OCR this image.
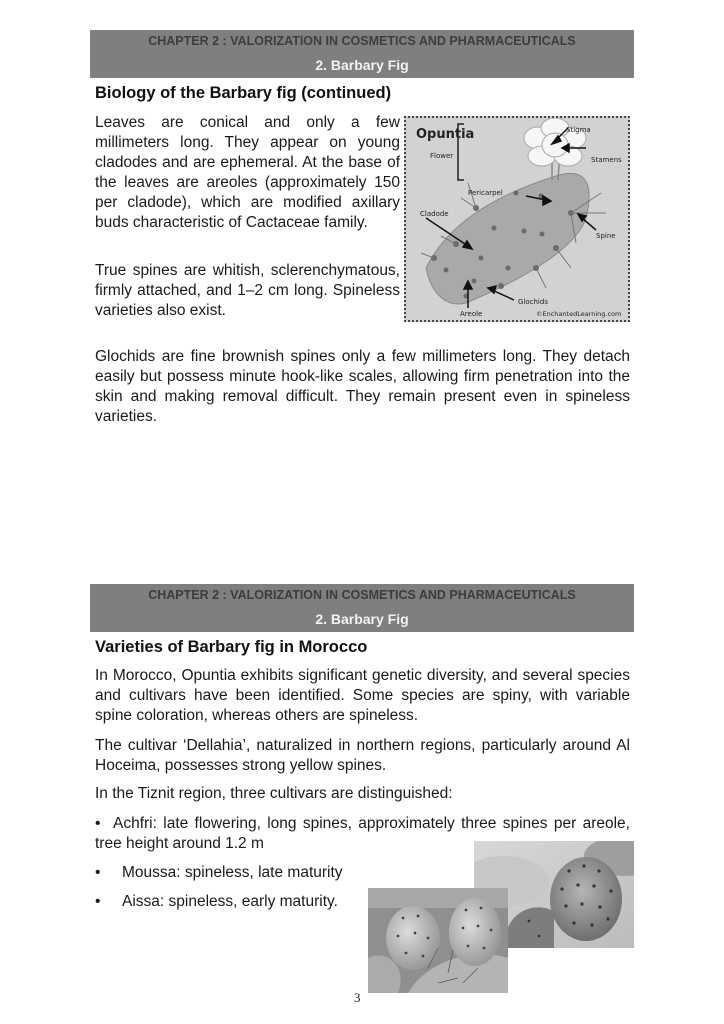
CHAPTER 2 : VALORIZATION IN COSMETICS AND PHARMACEUTICALS
2. Barbary Fig
Biology of the Barbary fig (continued)
Leaves are conical and only a few millimeters long. They appear on young cladodes and are ephemeral. At the base of the leaves are areoles (approximately 150 per cladode), which are modified axillary buds characteristic of Cactaceae family.
True spines are whitish, sclerenchymatous, firmly attached, and 1–2 cm long. Spineless varieties also exist.
Glochids are fine brownish spines only a few millimeters long. They detach easily but possess minute hook-like scales, allowing firm penetration into the skin and making removal difficult. They remain present even in spineless varieties.
Opuntia	Stigma
Flower	Stamens
Pericarpel
Cladode
Spine
Glochids
Areole	©EnchantedLearning.com
CHAPTER 2 : VALORIZATION IN COSMETICS AND PHARMACEUTICALS
2. Barbary Fig
Varieties of Barbary fig in Morocco
In Morocco, Opuntia exhibits significant genetic diversity, and several species and cultivars have been identified. Some species are spiny, with variable spine coloration, whereas others are spineless.
The cultivar ‘Dellahia’, naturalized in northern regions, particularly around Al Hoceima, possesses strong yellow spines.
In the Tiznit region, three cultivars are distinguished:
• Achfri: late flowering, long spines, approximately three spines per areole, tree height around 1.2 m
• Moussa: spineless, late maturity
• Aissa: spineless, early maturity.
3
